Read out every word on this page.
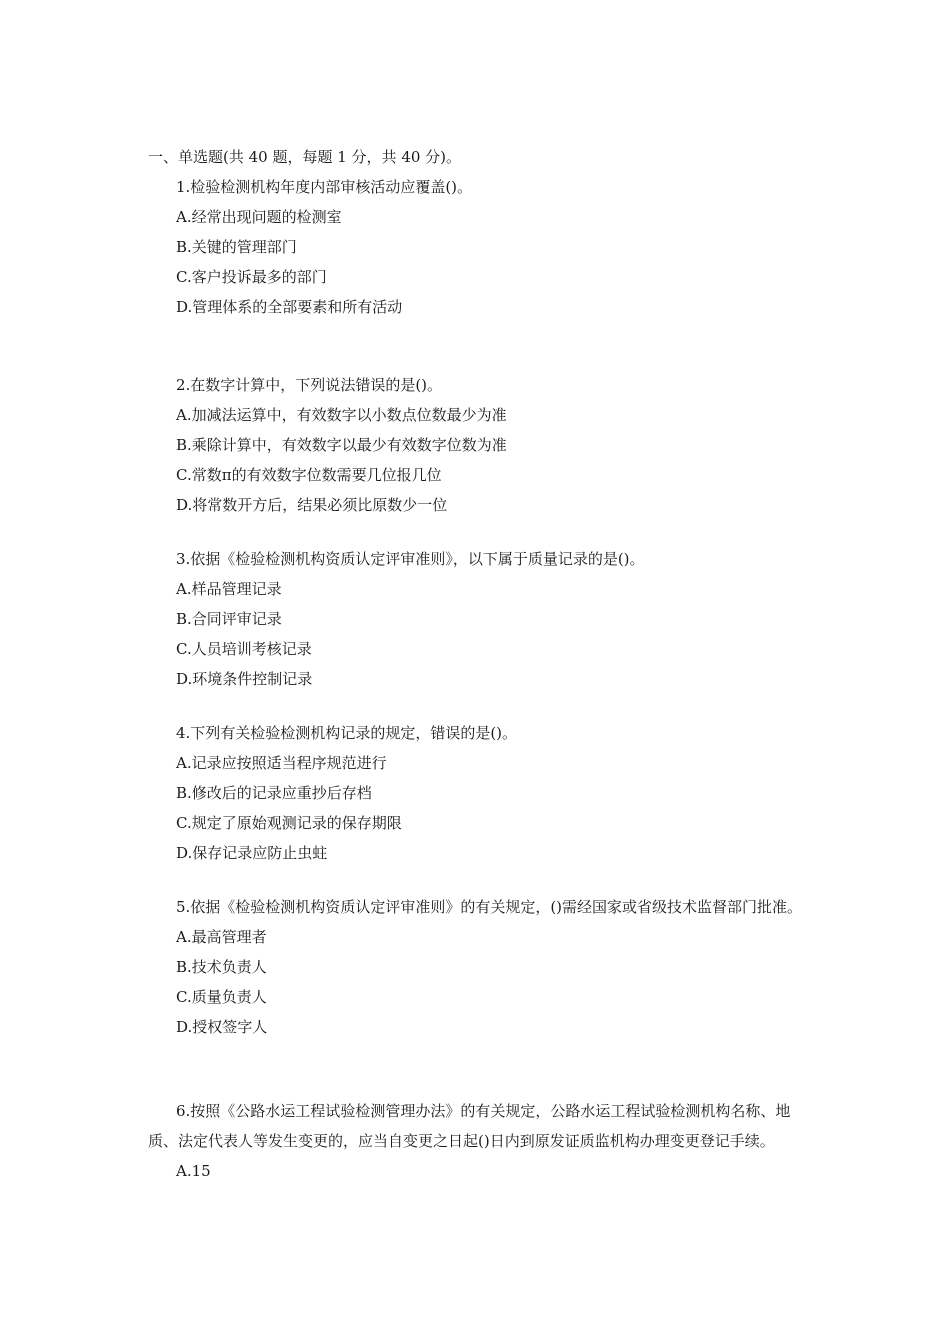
一、单选题(共 40 题，每题 1 分，共 40 分)。

1.检验检测机构年度内部审核活动应覆盖()。

A.经常出现问题的检测室

B.关键的管理部门

C.客户投诉最多的部门

D.管理体系的全部要素和所有活动

2.在数字计算中，下列说法错误的是()。

A.加减法运算中，有效数字以小数点位数最少为准

B.乘除计算中，有效数字以最少有效数字位数为准

C.常数π的有效数字位数需要几位报几位

D.将常数开方后，结果必须比原数少一位

3.依据《检验检测机构资质认定评审准则》，以下属于质量记录的是()。

A.样品管理记录

B.合同评审记录

C.人员培训考核记录

D.环境条件控制记录

4.下列有关检验检测机构记录的规定，错误的是()。

A.记录应按照适当程序规范进行

B.修改后的记录应重抄后存档

C.规定了原始观测记录的保存期限

D.保存记录应防止虫蛀

5.依据《检验检测机构资质认定评审准则》的有关规定，()需经国家或省级技术监督部门批准。

A.最高管理者

B.技术负责人

C.质量负责人

D.授权签字人

6.按照《公路水运工程试验检测管理办法》的有关规定，公路水运工程试验检测机构名称、地质、法定代表人等发生变更的，应当自变更之日起()日内到原发证质监机构办理变更登记手续。

A.15
